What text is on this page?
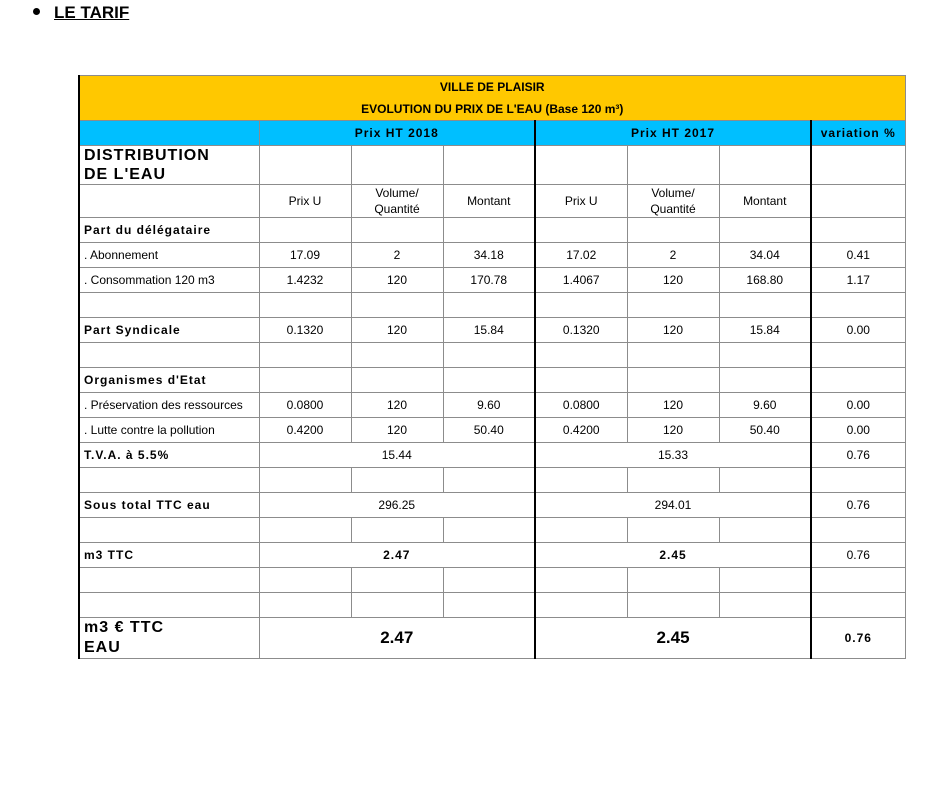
LE TARIF
VILLE DE PLAISIR
EVOLUTION DU PRIX DE L'EAU (Base 120 m³)							

	Prix HT 2018			Prix HT 2017			variation %

DISTRIBUTION DE L'EAU							

	Prix U	Volume/ Quantité	Montant	Prix U	Volume/ Quantité	Montant	
Part du délégataire							
. Abonnement	17.09	2	34.18	17.02	2	34.04	0.41
. Consommation 120 m3	1.4232	120	170.78	1.4067	120	168.80	1.17

Part Syndicale	0.1320	120	15.84	0.1320	120	15.84	0.00

Organismes d'Etat							
. Préservation des ressources	0.0800	120	9.60	0.0800	120	9.60	0.00
. Lutte contre la pollution	0.4200	120	50.40	0.4200	120	50.40	0.00
T.V.A. à 5.5%	15.44			15.33			0.76

Sous total TTC eau	296.25			294.01			0.76

m3 TTC	2.47			2.45			0.76

m3 € TTC EAU	2.47			2.45			0.76
